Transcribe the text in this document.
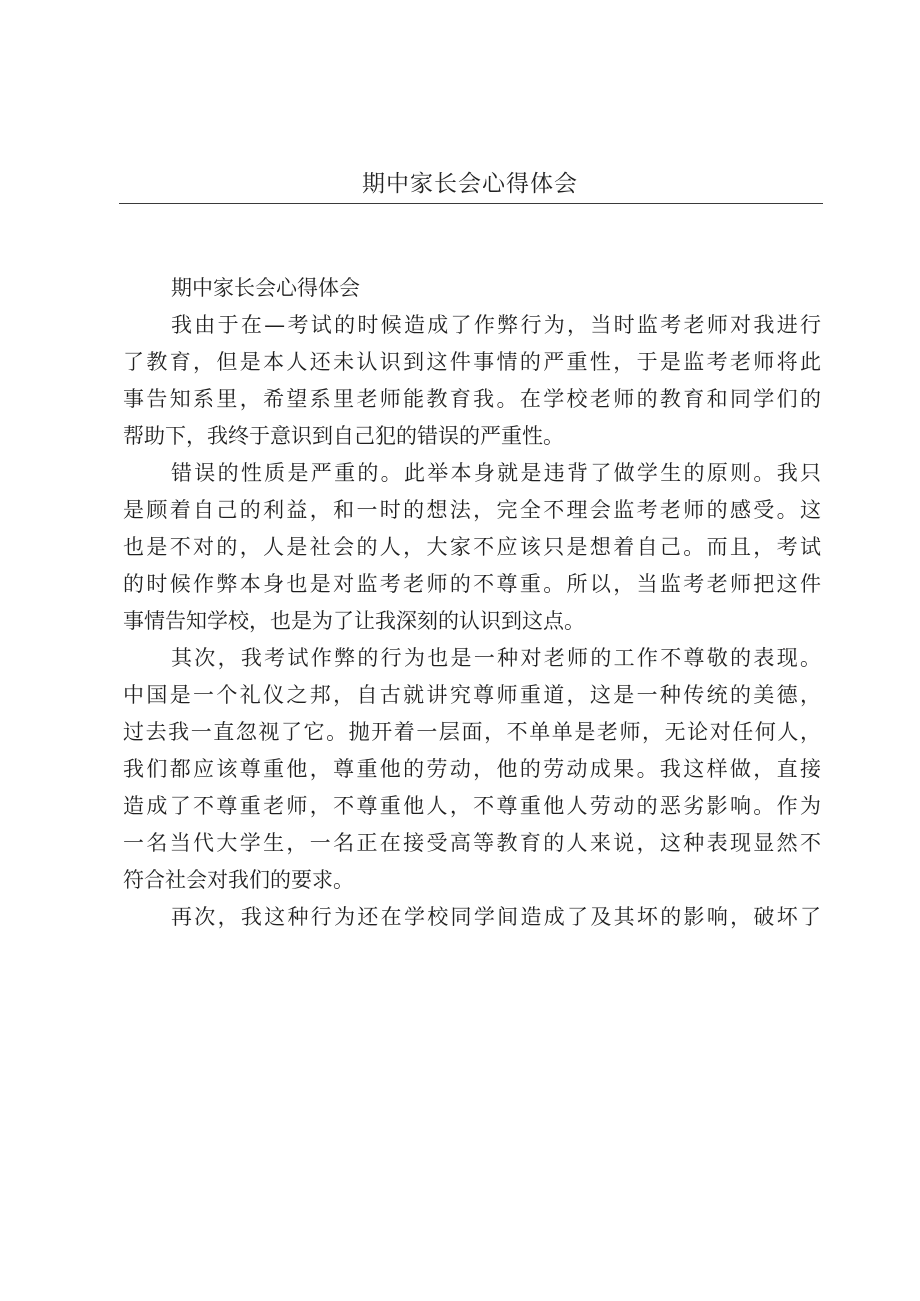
期中家长会心得体会
期中家长会心得体会
我由于在—考试的时候造成了作弊行为，当时监考老师对我进行
了教育，但是本人还未认识到这件事情的严重性，于是监考老师将此
事告知系里，希望系里老师能教育我。在学校老师的教育和同学们的
帮助下，我终于意识到自己犯的错误的严重性。
错误的性质是严重的。此举本身就是违背了做学生的原则。我只
是顾着自己的利益，和一时的想法，完全不理会监考老师的感受。这
也是不对的，人是社会的人，大家不应该只是想着自己。而且，考试
的时候作弊本身也是对监考老师的不尊重。所以，当监考老师把这件
事情告知学校，也是为了让我深刻的认识到这点。
其次，我考试作弊的行为也是一种对老师的工作不尊敬的表现。
中国是一个礼仪之邦，自古就讲究尊师重道，这是一种传统的美德，
过去我一直忽视了它。抛开着一层面，不单单是老师，无论对任何人，
我们都应该尊重他，尊重他的劳动，他的劳动成果。我这样做，直接
造成了不尊重老师，不尊重他人，不尊重他人劳动的恶劣影响。作为
一名当代大学生，一名正在接受高等教育的人来说，这种表现显然不
符合社会对我们的要求。
再次，我这种行为还在学校同学间造成了及其坏的影响，破坏了
